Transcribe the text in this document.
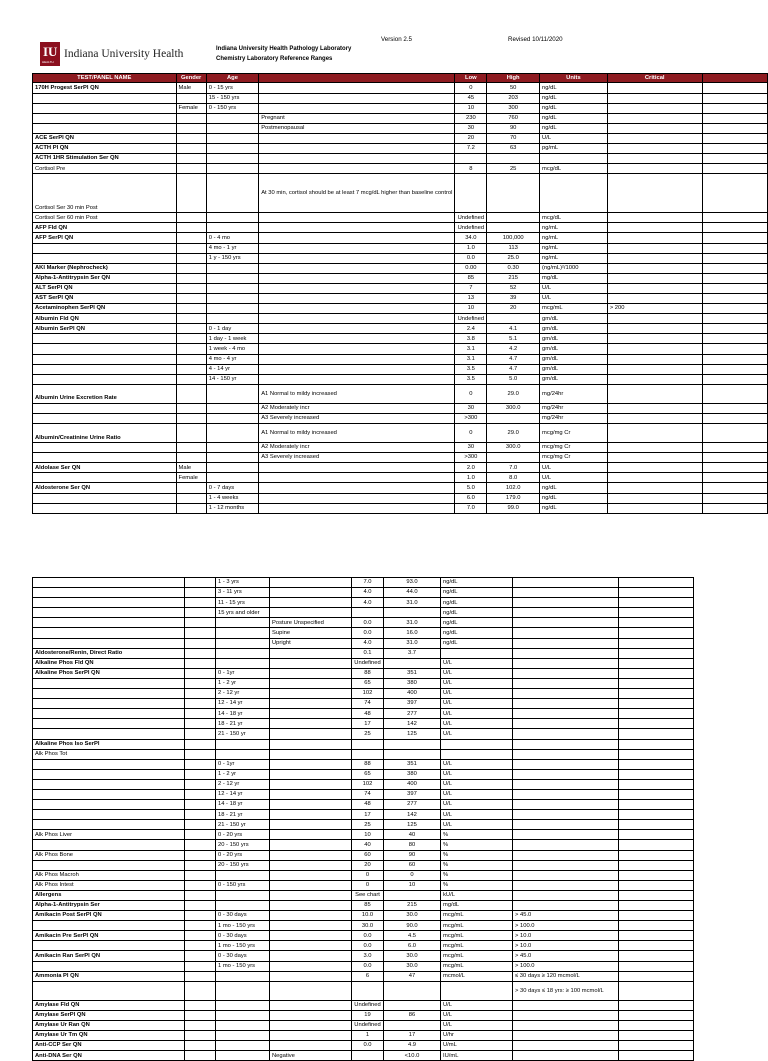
Version 2.5	Revised 10/11/2020
IU
HEALTH
Indiana University Health	Indiana University Health Pathology Laboratory
Chemistry Laboratory Reference Ranges
TEST/PANEL NAME	Gender	Age		Low	High	Units	Critical	
170H Progest SerPl QN	Male	0 - 15 yrs		0	50	ng/dL		
		15 - 150 yrs		45	203	ng/dL		
	Female	0 - 150 yrs		10	300	ng/dL		
			Pregnant	230	760	ng/dL		
			Postmenopausal	30	90	ng/dL		
ACE SerPl QN				20	70	U/L		
ACTH Pl QN				7.2	63	pg/mL		
ACTH 1HR Stimulation Ser QN								
Cortisol Pre				8	25	mcg/dL		
Cortisol Ser 30 min Post			At 30 min, cortisol should be at least 7 mcg/dL higher than baseline control					
Cortisol Ser 60 min Post				Undefined		mcg/dL		
AFP Fld QN				Undefined		ng/mL		
AFP SerPl QN		0 - 4 mo		34.0	100,000	ng/mL		
		4 mo - 1 yr		1.0	113	ng/mL		
		1 y - 150 yrs		0.0	25.0	ng/mL		
AKI Marker (Nephrocheck)				0.00	0.30	(ng/mL)²/1000		
Alpha-1-Antitrypsin Ser QN				85	215	mg/dL		
ALT SerPl QN				7	52	U/L		
AST SerPl QN				13	39	U/L		
Acetaminophen SerPl QN				10	20	mcg/mL	> 200	
Albumin Fld QN				Undefined		gm/dL		
Albumin SerPl QN		0 - 1 day		2.4	4.1	gm/dL		
		1 day - 1 week		3.8	5.1	gm/dL		
		1 week - 4 mo		3.1	4.2	gm/dL		
		4 mo - 4 yr		3.1	4.7	gm/dL		
		4 - 14 yr		3.5	4.7	gm/dL		
		14 - 150 yr		3.5	5.0	gm/dL		
Albumin Urine Excretion Rate			A1 Normal to mildy increased	0	29.0	mg/24hr		
			A2 Moderately incr	30	300.0	mg/24hr		
			A3 Severely increased	>300		mg/24hr		
Albumin/Creatinine Urine Ratio			A1 Normal to mildy increased	0	29.0	mcg/mg Cr		
			A2 Moderately incr	30	300.0	mcg/mg Cr		
			A3 Severely increased	>300		mcg/mg Cr		
Aldolase Ser QN	Male			2.0	7.0	U/L		
	Female			1.0	8.0	U/L		
Aldosterone Ser QN		0 - 7 days		5.0	102.0	ng/dL		
		1 - 4 weeks		6.0	179.0	ng/dL		
		1 - 12 months		7.0	99.0	ng/dL		
		1 - 3 yrs		7.0	93.0	ng/dL		
		3 - 11 yrs		4.0	44.0	ng/dL		
		11 - 15 yrs		4.0	31.0	ng/dL		
		15 yrs and older				ng/dL		
			Posture Unspecified	0.0	31.0	ng/dL		
			Supine	0.0	16.0	ng/dL		
			Upright	4.0	31.0	ng/dL		
Aldosterone/Renin, Direct Ratio				0.1	3.7			
Alkaline Phos Fld QN				Undefined		U/L		
Alkaline Phos SerPl QN		0 - 1yr		88	351	U/L		
		1 - 2 yr		65	380	U/L		
		2 - 12 yr		102	400	U/L		
		12 - 14 yr		74	397	U/L		
		14 - 18 yr		48	277	U/L		
		18 - 21 yr		17	142	U/L		
		21 - 150 yr		25	125	U/L		
Alkaline Phos Iso SerPl								
Alk Phos Tot								
		0 - 1yr		88	351	U/L		
		1 - 2 yr		65	380	U/L		
		2 - 12 yr		102	400	U/L		
		12 - 14 yr		74	397	U/L		
		14 - 18 yr		48	277	U/L		
		18 - 21 yr		17	142	U/L		
		21 - 150 yr		25	125	U/L		
Alk Phos Liver		0 - 20 yrs		10	40	%		
		20 - 150 yrs		40	80	%		
Alk Phos Bone		0 - 20 yrs		60	90	%		
		20 - 150 yrs		20	60	%		
Alk Phos Macroh				0	0	%		
Alk Phos Intest		0 - 150 yrs		0	10	%		
Allergens				See chart		kU/L		
Alpha-1-Antitrypsin Ser				85	215	mg/dL		
Amikacin Post SerPl QN		0 - 30 days		10.0	30.0	mcg/mL	> 45.0	
		1 mo - 150 yrs		30.0	90.0	mcg/mL	> 100.0	
Amikacin Pre SerPl QN		0 - 30 days		0.0	4.5	mcg/mL	> 10.0	
		1 mo - 150 yrs		0.0	6.0	mcg/mL	> 10.0	
Amikacin Ran SerPl QN		0 - 30 days		3.0	30.0	mcg/mL	> 45.0	
		1 mo - 150 yrs		0.0	30.0	mcg/mL	> 100.0	
Ammonia Pl QN				6	47	mcmol/L	≤ 30 days ≥ 120 mcmol/L	
							> 30 days ≤ 18 yrs: ≥ 100 mcmol/L	
Amylase Fld QN				Undefined		U/L		
Amylase SerPl QN				19	86	U/L		
Amylase Ur Ran QN				Undefined		U/L		
Amylase Ur Tm QN				1	17	U/hr		
Anti-CCP Ser QN				0.0	4.9	U/mL		
Anti-DNA Ser QN			Negative		<10.0	IU/mL		
